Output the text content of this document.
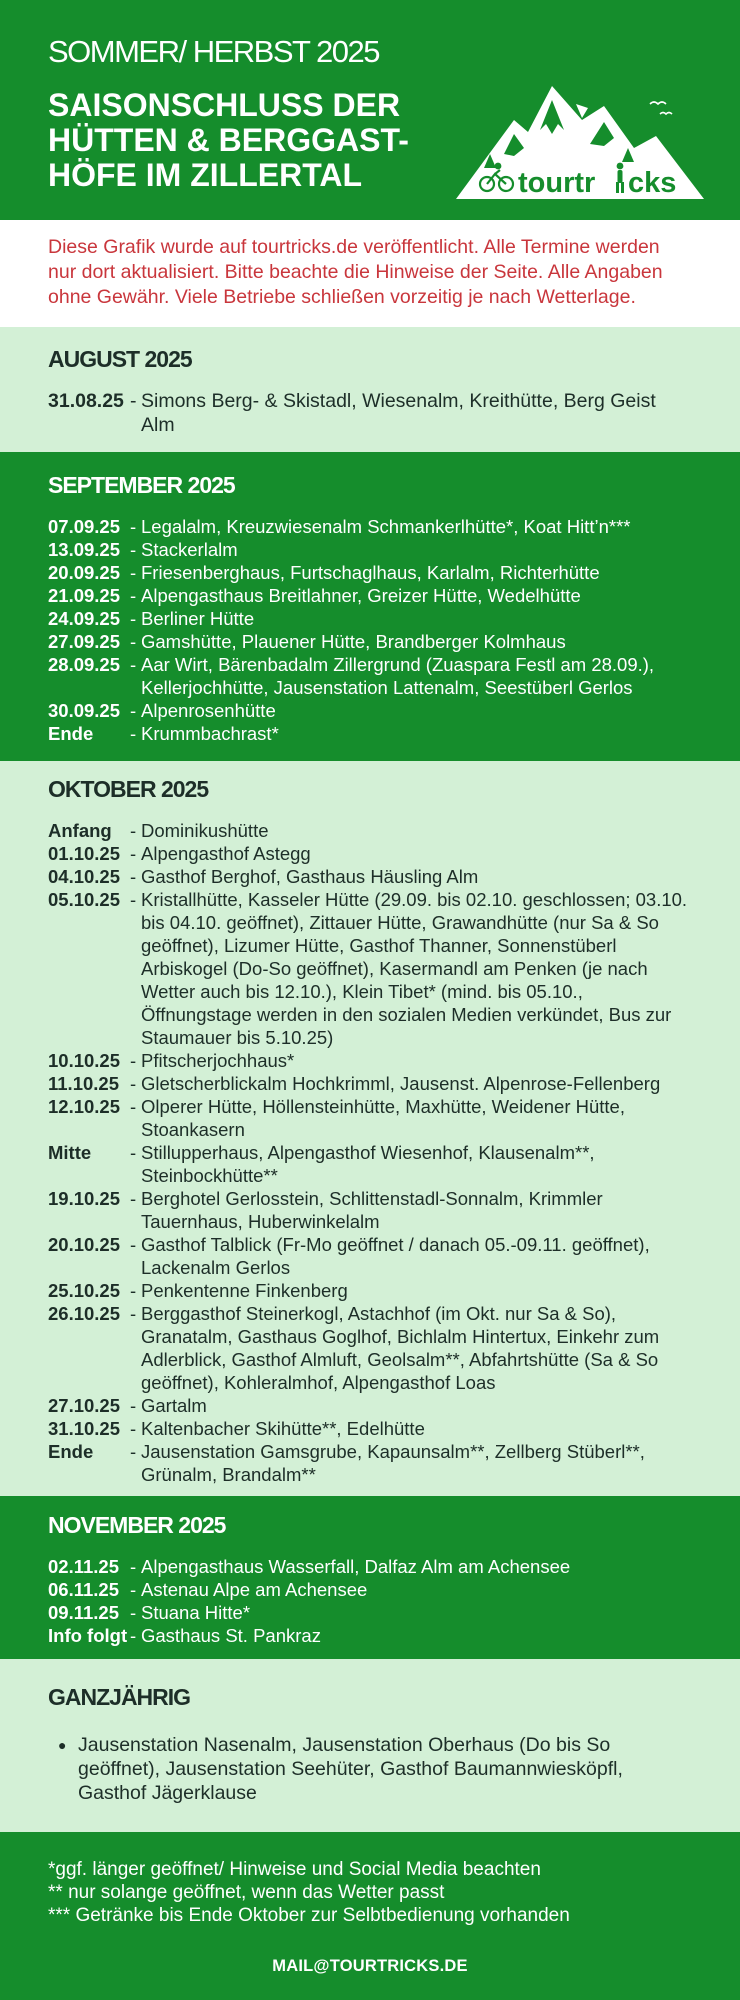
SOMMER/ HERBST 2025
SAISONSCHLUSS DER
HÜTTEN & BERGGAST-
HÖFE IM ZILLERTAL	tourtr cks
Diese Grafik wurde auf tourtricks.de veröffentlicht. Alle Termine werden nur dort aktualisiert. Bitte beachte die Hinweise der Seite. Alle Angaben ohne Gewähr. Viele Betriebe schließen vorzeitig je nach Wetterlage.
AUGUST 2025
31.08.25 - Simons Berg- & Skistadl, Wiesenalm, Kreithütte, Berg Geist Alm
SEPTEMBER 2025
07.09.25 - Legalalm, Kreuzwiesenalm Schmankerlhütte*, Koat Hitt’n***
13.09.25 - Stackerlalm
20.09.25 - Friesenberghaus, Furtschaglhaus, Karlalm, Richterhütte
21.09.25 - Alpengasthaus Breitlahner, Greizer Hütte, Wedelhütte
24.09.25 - Berliner Hütte
27.09.25 - Gamshütte, Plauener Hütte, Brandberger Kolmhaus
28.09.25 - Aar Wirt, Bärenbadalm Zillergrund (Zuaspara Festl am 28.09.), Kellerjochhütte, Jausenstation Lattenalm, Seestüberl Gerlos
30.09.25 - Alpenrosenhütte
Ende	- Krummbachrast*
OKTOBER 2025
Anfang - Dominikushütte
01.10.25 - Alpengasthof Astegg
04.10.25 - Gasthof Berghof, Gasthaus Häusling Alm
05.10.25 - Kristallhütte, Kasseler Hütte (29.09. bis 02.10. geschlossen; 03.10. bis 04.10. geöffnet), Zittauer Hütte, Grawandhütte (nur Sa & So geöffnet), Lizumer Hütte, Gasthof Thanner, Sonnenstüberl Arbiskogel (Do-So geöffnet), Kasermandl am Penken (je nach Wetter auch bis 12.10.), Klein Tibet* (mind. bis 05.10., Öffnungstage werden in den sozialen Medien verkündet, Bus zur Staumauer bis 5.10.25)
10.10.25 - Pfitscherjochhaus*
11.10.25 - Gletscherblickalm Hochkrimml, Jausenst. Alpenrose-Fellenberg
12.10.25 - Olperer Hütte, Höllensteinhütte, Maxhütte, Weidener Hütte, Stoankasern
Mitte	- Stillupperhaus, Alpengasthof Wiesenhof, Klausenalm**, Steinbockhütte**
19.10.25 - Berghotel Gerlosstein, Schlittenstadl-Sonnalm, Krimmler Tauernhaus, Huberwinkelalm
20.10.25 - Gasthof Talblick (Fr-Mo geöffnet / danach 05.-09.11. geöffnet), Lackenalm Gerlos
25.10.25 - Penkentenne Finkenberg
26.10.25 - Berggasthof Steinerkogl, Astachhof (im Okt. nur Sa & So), Granatalm, Gasthaus Goglhof, Bichlalm Hintertux, Einkehr zum Adlerblick, Gasthof Almluft, Geolsalm**, Abfahrtshütte (Sa & So geöffnet), Kohleralmhof, Alpengasthof Loas
27.10.25 - Gartalm
31.10.25 - Kaltenbacher Skihütte**, Edelhütte
Ende	- Jausenstation Gamsgrube, Kapaunsalm**, Zellberg Stüberl**, Grünalm, Brandalm**
NOVEMBER 2025
02.11.25 - Alpengasthaus Wasserfall, Dalfaz Alm am Achensee
06.11.25 - Astenau Alpe am Achensee
09.11.25 - Stuana Hitte*
Info folgt - Gasthaus St. Pankraz
GANZJÄHRIG
● Jausenstation Nasenalm, Jausenstation Oberhaus (Do bis So geöffnet), Jausenstation Seehüter, Gasthof Baumannwiesköpfl, Gasthof Jägerklause
*ggf. länger geöffnet/ Hinweise und Social Media beachten
** nur solange geöffnet, wenn das Wetter passt
*** Getränke bis Ende Oktober zur Selbtbedienung vorhanden
MAIL@TOURTRICKS.DE
